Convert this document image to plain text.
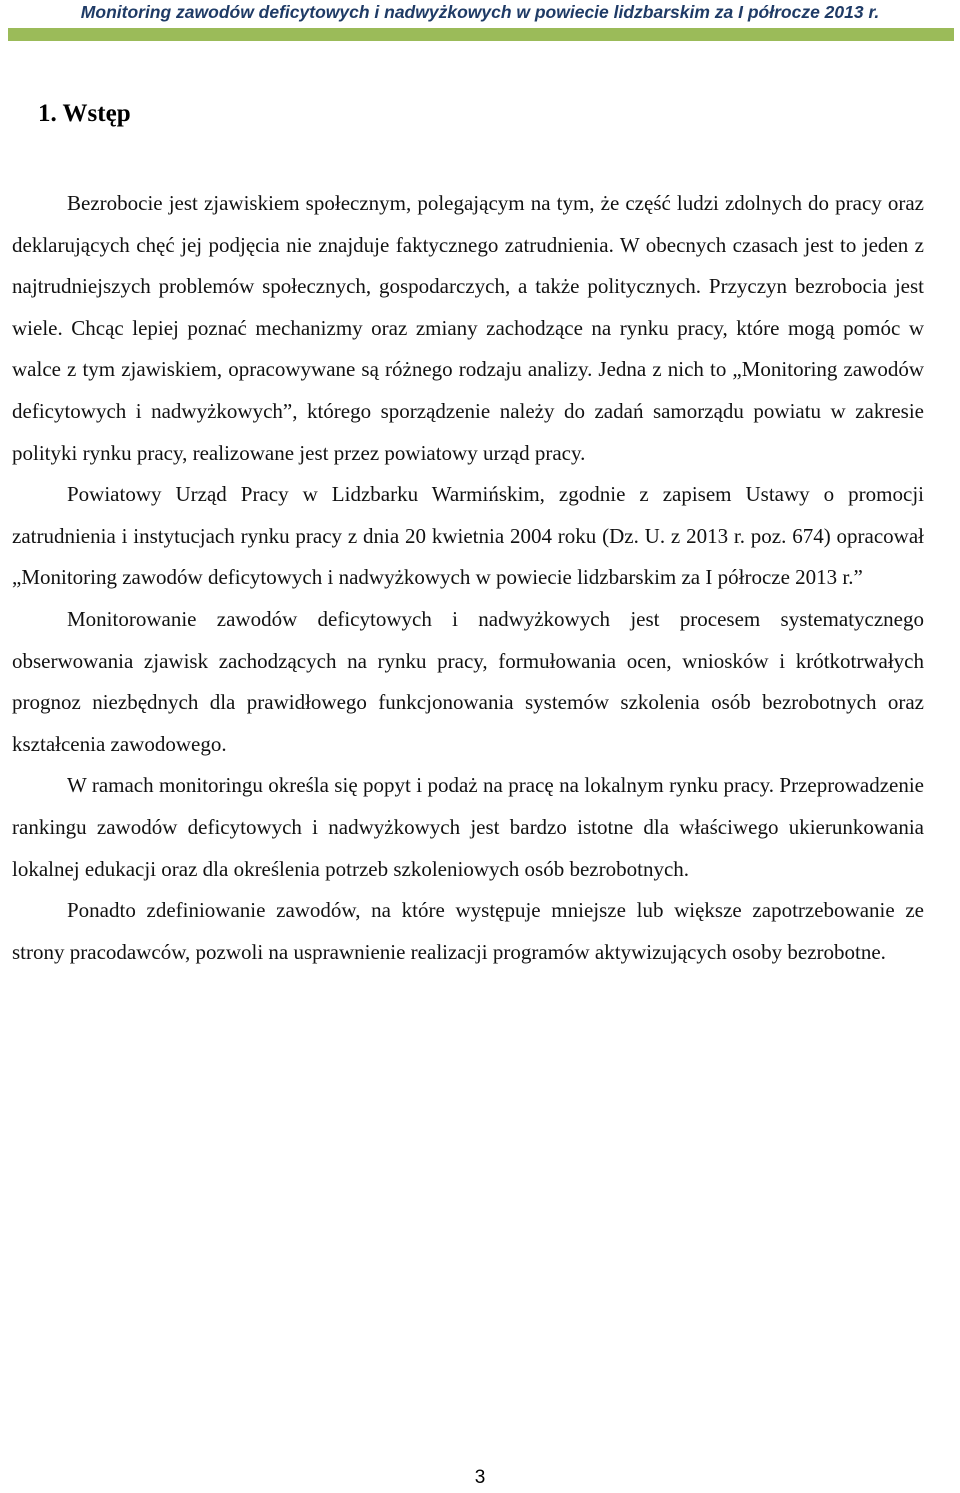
Monitoring zawodów deficytowych i nadwyżkowych w powiecie lidzbarskim za I półrocze 2013 r.
1. Wstęp

Bezrobocie jest zjawiskiem społecznym, polegającym na tym, że część ludzi zdolnych do pracy oraz deklarujących chęć jej podjęcia nie znajduje faktycznego zatrudnienia. W obecnych czasach jest to jeden z najtrudniejszych problemów społecznych, gospodarczych, a także politycznych. Przyczyn bezrobocia jest wiele. Chcąc lepiej poznać mechanizmy oraz zmiany zachodzące na rynku pracy, które mogą pomóc w walce z tym zjawiskiem, opracowywane są różnego rodzaju analizy. Jedna z nich to „Monitoring zawodów deficytowych i nadwyżkowych”, którego sporządzenie należy do zadań samorządu powiatu w zakresie polityki rynku pracy, realizowane jest przez powiatowy urząd pracy.

Powiatowy Urząd Pracy w Lidzbarku Warmińskim, zgodnie z zapisem Ustawy o promocji zatrudnienia i instytucjach rynku pracy z dnia 20 kwietnia 2004 roku (Dz. U. z 2013 r. poz. 674) opracował „Monitoring zawodów deficytowych i nadwyżkowych w powiecie lidzbarskim za I półrocze 2013 r.”

Monitorowanie zawodów deficytowych i nadwyżkowych jest procesem systematycznego obserwowania zjawisk zachodzących na rynku pracy, formułowania ocen, wniosków i krótkotrwałych prognoz niezbędnych dla prawidłowego funkcjonowania systemów szkolenia osób bezrobotnych oraz kształcenia zawodowego.

W ramach monitoringu określa się popyt i podaż na pracę na lokalnym rynku pracy. Przeprowadzenie rankingu zawodów deficytowych i nadwyżkowych jest bardzo istotne dla właściwego ukierunkowania lokalnej edukacji oraz dla określenia potrzeb szkoleniowych osób bezrobotnych.

Ponadto zdefiniowanie zawodów, na które występuje mniejsze lub większe zapotrzebowanie ze strony pracodawców, pozwoli na usprawnienie realizacji programów aktywizujących osoby bezrobotne.

3
